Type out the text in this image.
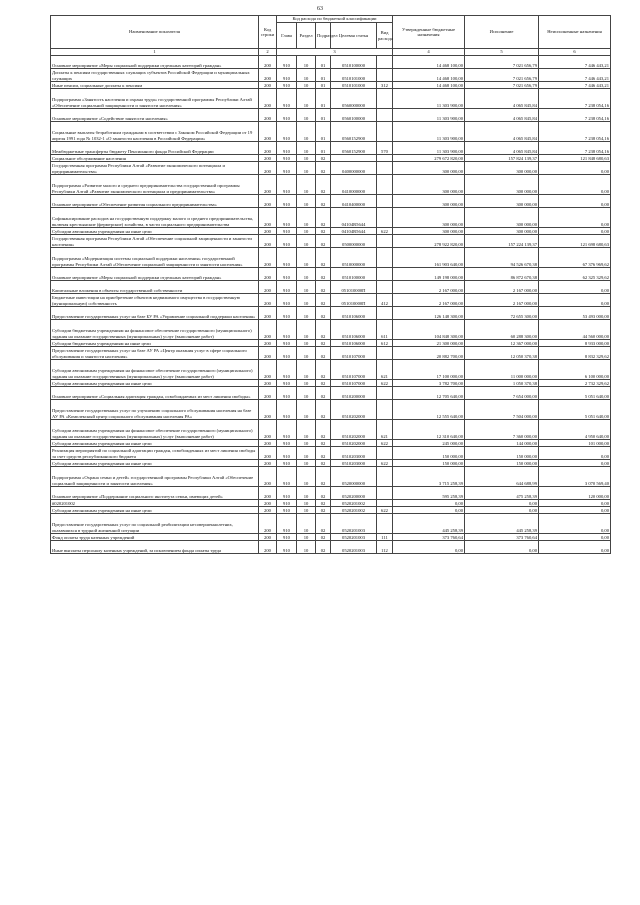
63
Наименование показателя	Код строки	Код расхода по бюджетной классификации					Утвержденные бюджетные назначения	Исполнение	Неисполненные назначения
		Глава	Раздел	Подраздел	Целевая статья	Вид расхода			
1	2	3					4	5	6
Основное мероприятие «Меры социальной поддержки отдельных категорий граждан»	200	910	10	01	0510100000		14 468 100,00	7 021 656,79	7 446 443,21
Доплаты к пенсиям государственных служащих субъектов Российской Федерации и муниципальных служащих	200	910	10	01	0510101000		14 468 100,00	7 021 656,79	7 446 443,21
Иные пенсии, социальные доплаты к пенсиям	200	910	10	01	0510101000	312	14 468 100,00	7 021 656,79	7 446 443,21
Подпрограмма «Занятость населения и охрана труда» государственной программы Республики Алтай «Обеспечение социальной защищенности и занятости населения»	200	910	10	01	0560000000		11 303 900,00	4 065 845,84	7 238 054,16
Основное мероприятие «Содействие занятости населения»	200	910	10	01	0560100000		11 303 900,00	4 065 845,84	7 238 054,16
Социальные выплаты безработным гражданам в соответствии с Законом Российской Федерации от 19 апреля 1991 года № 1032-1 «О занятости населения в Российской Федерации»	200	910	10	01	0560152900		11 303 900,00	4 065 845,84	7 238 054,16
Межбюджетные трансферты бюджету Пенсионного фонда Российской Федерации	200	910	10	01	0560152900	570	11 303 900,00	4 065 845,84	7 238 054,16
Социальное обслуживание населения	200	910	10	02			279 672 820,00	157 824 139,37	121 848 680,63
Государственная программа Республики Алтай «Развитие экономического потенциала и предпринимательства»	200	910	10	02	0400000000		300 000,00	300 000,00	0,00
Подпрограмма «Развитие малого и среднего предпринимательства государственной программы Республики Алтай «Развитие экономического потенциала и предпринимательства»	200	910	10	02	0410000000		300 000,00	300 000,00	0,00
Основное мероприятие «Обеспечение развития социального предпринимательства»	200	910	10	02	0410400000		300 000,00	300 000,00	0,00
Софинансирование расходов на государственную поддержку малого и среднего предпринимательства, включая крестьянские (фермерские) хозяйства, в части социального предпринимательства	200	910	10	02	04104R5644		300 000,00	300 000,00	0,00
Субсидии автономным учреждениям на иные цели	200	910	10	02	04104R5644	622	300 000,00	300 000,00	0,00
Государственная программа Республики Алтай «Обеспечение социальной защищенности и занятости населения»	200	910	10	02	0500000000		278 922 820,00	157 224 139,37	121 698 680,63
Подпрограмма «Модернизация системы социальной поддержки населения» государственной программы Республики Алтай «Обеспечение социальной защищенности и занятости населения»	200	910	10	02	0510000000		161 903 640,00	94 526 670,38	67 376 969,62
Основное мероприятие «Меры социальной поддержки отдельных категорий граждан»	200	910	10	02	0510100000		149 198 000,00	86 872 670,38	62 325 329,62
Капитальные вложения в объекты государственной собственности	200	910	10	02	051010000П		2 167 000,00	2 167 000,00	0,00
Бюджетные инвестиции на приобретение объектов недвижимого имущества в государственную (муниципальную) собственность	200	910	10	02	051010000П	412	2 167 000,00	2 167 000,00	0,00
Предоставление государственных услуг на базе БУ РА «Управление социальной поддержки населения»	200	910	10	02	0510106000		126 148 300,00	72 655 300,00	53 493 000,00
Субсидии бюджетным учреждениям на финансовое обеспечение государственного (муниципального) задания на оказание государственных (муниципальных) услуг (выполнение работ)	200	910	10	02	0510106000	611	104 848 300,00	60 288 300,00	44 560 000,00
Субсидии бюджетным учреждениям на иные цели	200	910	10	02	0510106000	612	21 300 000,00	12 367 000,00	8 933 000,00
Предоставление государственных услуг на базе АУ РА «Центр оказания услуг в сфере социального обслуживания и занятости населения»	200	910	10	02	0510107000		20 882 700,00	12 050 370,38	8 832 329,62
Субсидии автономным учреждениям на финансовое обеспечение государственного (муниципального) задания на оказание государственных (муниципальных) услуг (выполнение работ)	200	910	10	02	0510107000	621	17 100 000,00	11 000 000,00	6 100 000,00
Субсидии автономным учреждениям на иные цели	200	910	10	02	0510107000	622	3 782 700,00	1 050 370,38	2 732 329,62
Основное мероприятие «Социальная адаптация граждан, освобождаемых из мест лишения свободы»	200	910	10	02	0510200000		12 705 640,00	7 654 000,00	5 051 640,00
Предоставление государственных услуг по улучшению социального обслуживания населения на базе АУ РА «Комплексный центр социального обслуживания населения РА»	200	910	10	02	0510202000		12 555 640,00	7 504 000,00	5 051 640,00
Субсидии автономным учреждениям на финансовое обеспечение государственного (муниципального) задания на оказание государственных (муниципальных) услуг (выполнение работ)	200	910	10	02	0510202000	621	12 310 640,00	7 360 000,00	4 950 640,00
Субсидии автономным учреждениям на иные цели	200	910	10	02	0510202000	622	245 000,00	144 000,00	101 000,00
Реализация мероприятий по социальной адаптации граждан, освобожденных из мест лишения свободы за счет средств республиканского бюджета	200	910	10	02	0510203000		150 000,00	150 000,00	0,00
Субсидии автономным учреждениям на иные цели	200	910	10	02	0510203000	622	150 000,00	150 000,00	0,00
Подпрограмма «Охрана семьи и детей» государственной программы Республики Алтай «Обеспечение социальной защищенности и занятости населения»	200	910	10	02	0520000000		3 715 258,39	644 688,99	3 070 569,40
Основное мероприятие «Поддержание социального института семьи, имеющих детей»	200	910	10	02	0520200000		595 258,39	475 258,39	120 000,00
#020201002	200	910	10	02	0520201002		0,00	0,00	0,00
Субсидии автономным учреждениям на иные цели	200	910	10	02	0520201002	622	0,00	0,00	0,00
Предоставление государственных услуг по социальной реабилитации несовершеннолетних, оказавшихся в трудной жизненной ситуации	200	910	10	02	0520201003		445 258,39	445 258,39	0,00
Фонд оплаты труда казенных учреждений	200	910	10	02	0520201003	111	373 760,64	373 760,64	0,00
Иные выплаты персоналу казенных учреждений, за исключением фонда оплаты труда	200	910	10	02	0520201003	112	0,00	0,00	0,00
